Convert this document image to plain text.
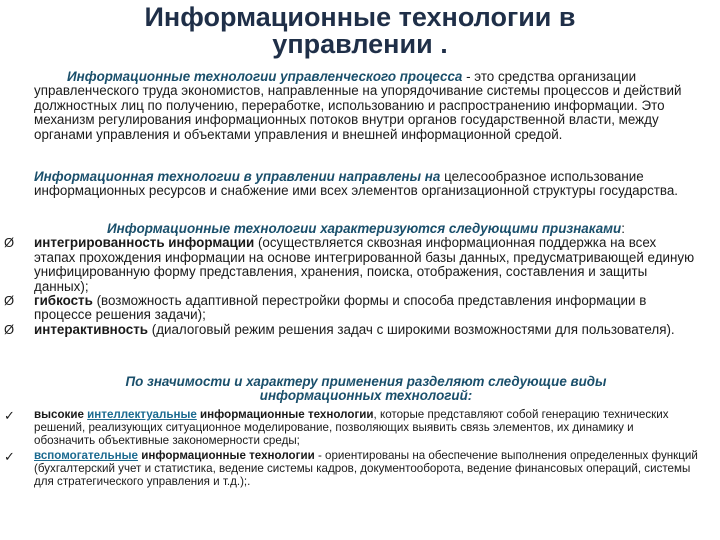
Информационные технологии в
управлении .
Информационные технологии управленческого процесса - это средства организации управленческого труда экономистов, направленные на упорядочивание системы процессов и действий должностных лиц по получению, переработке, использованию и распространению информации. Это механизм регулирования информационных потоков внутри органов государственной власти, между органами управления и объектами управления и внешней информационной средой.
Информационная технологии в управлении направлены на целесообразное использование информационных ресурсов и снабжение ими всех элементов организационной структуры государства.
Информационные технологии характеризуются следующими признаками:
Ø интегрированность информации (осуществляется сквозная информационная поддержка на всех этапах прохождения информации на основе интегрированной базы данных, предусматривающей единую унифицированную форму представления, хранения, поиска, отображения, составления и защиты данных);
Ø гибкость (возможность адаптивной перестройки формы и способа представления информации в процессе решения задачи);
Ø интерактивность (диалоговый режим решения задач с широкими возможностями для пользователя).
По значимости и характеру применения разделяют следующие виды
информационных технологий:
✓ высокие интеллектуальные информационные технологии, которые представляют собой генерацию технических решений, реализующих ситуационное моделирование, позволяющих выявить связь элементов, их динамику и обозначить объективные закономерности среды;
✓ вспомогательные информационные технологии - ориентированы на обеспечение выполнения определенных функций (бухгалтерский учет и статистика, ведение системы кадров, документооборота, ведение финансовых операций, системы для стратегического управления и т.д.);.
